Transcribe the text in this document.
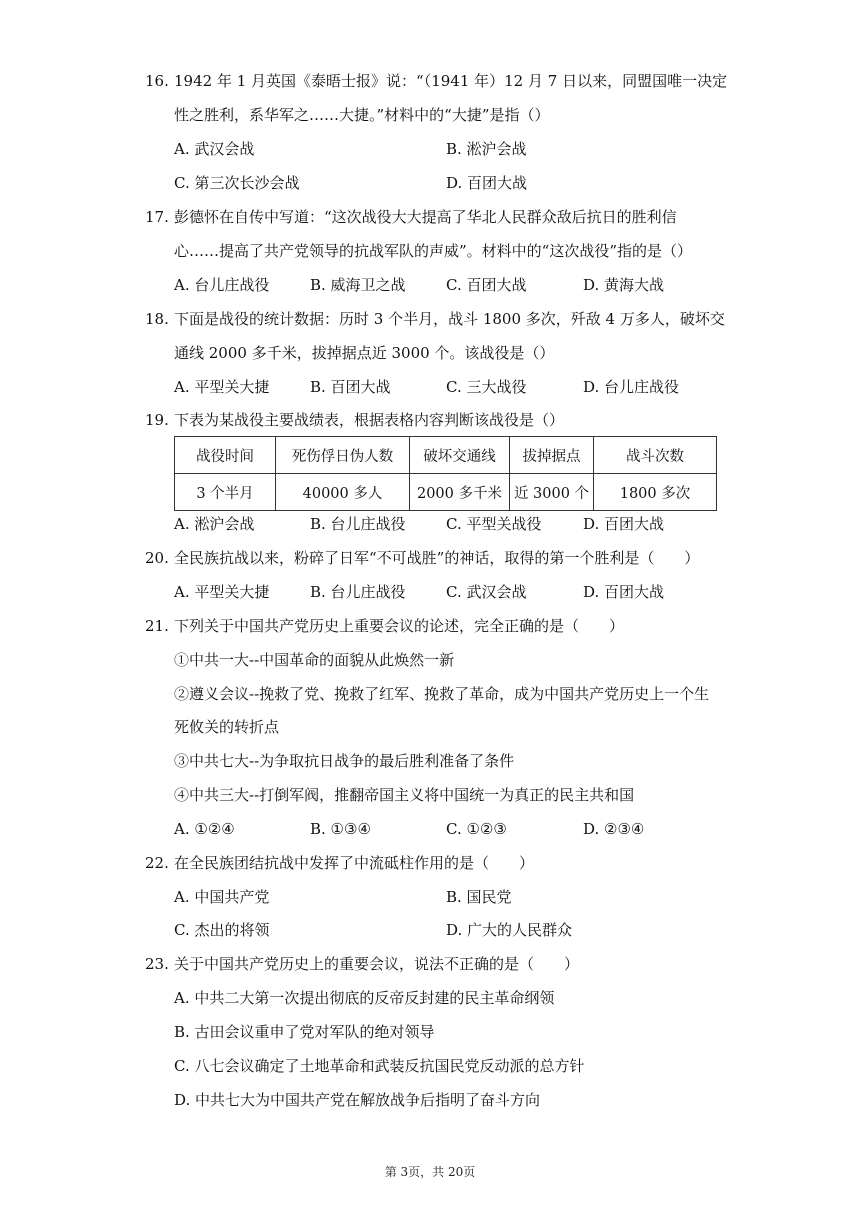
16. 1942 年 1 月英国《泰晤士报》说：“（1941 年）12 月 7 日以来，同盟国唯一决定
性之胜利，系华军之……大捷。”材料中的“大捷”是指（）
A. 武汉会战	B. 淞沪会战
C. 第三次长沙会战	D. 百团大战
17. 彭德怀在自传中写道：“这次战役大大提高了华北人民群众敌后抗日的胜利信
心……提高了共产党领导的抗战军队的声威”。材料中的“这次战役”指的是（）
A. 台儿庄战役	B. 威海卫之战	C. 百团大战	D. 黄海大战
18. 下面是战役的统计数据：历时 3 个半月，战斗 1800 多次，歼敌 4 万多人，破坏交
通线 2000 多千米，拔掉据点近 3000 个。该战役是（）
A. 平型关大捷	B. 百团大战	C. 三大战役	D. 台儿庄战役
19. 下表为某战役主要战绩表，根据表格内容判断该战役是（）
战役时间	死伤俘日伪人数	破坏交通线	拔掉据点	战斗次数
3 个半月	40000 多人	2000 多千米	近 3000 个	1800 多次
A. 淞沪会战	B. 台儿庄战役	C. 平型关战役	D. 百团大战
20. 全民族抗战以来，粉碎了日军“不可战胜”的神话，取得的第一个胜利是（　　）
A. 平型关大捷	B. 台儿庄战役	C. 武汉会战	D. 百团大战
21. 下列关于中国共产党历史上重要会议的论述，完全正确的是（　　）
①中共一大--中国革命的面貌从此焕然一新
②遵义会议--挽救了党、挽救了红军、挽救了革命，成为中国共产党历史上一个生
死攸关的转折点
③中共七大--为争取抗日战争的最后胜利准备了条件
④中共三大--打倒军阀，推翻帝国主义将中国统一为真正的民主共和国
A. ①②④	B. ①③④	C. ①②③	D. ②③④
22. 在全民族团结抗战中发挥了中流砥柱作用的是（　　）
A. 中国共产党	B. 国民党
C. 杰出的将领	D. 广大的人民群众
23. 关于中国共产党历史上的重要会议，说法不正确的是（　　）
A. 中共二大第一次提出彻底的反帝反封建的民主革命纲领
B. 古田会议重申了党对军队的绝对领导
C. 八七会议确定了土地革命和武装反抗国民党反动派的总方针
D. 中共七大为中国共产党在解放战争后指明了奋斗方向
第 3页，共 20页
